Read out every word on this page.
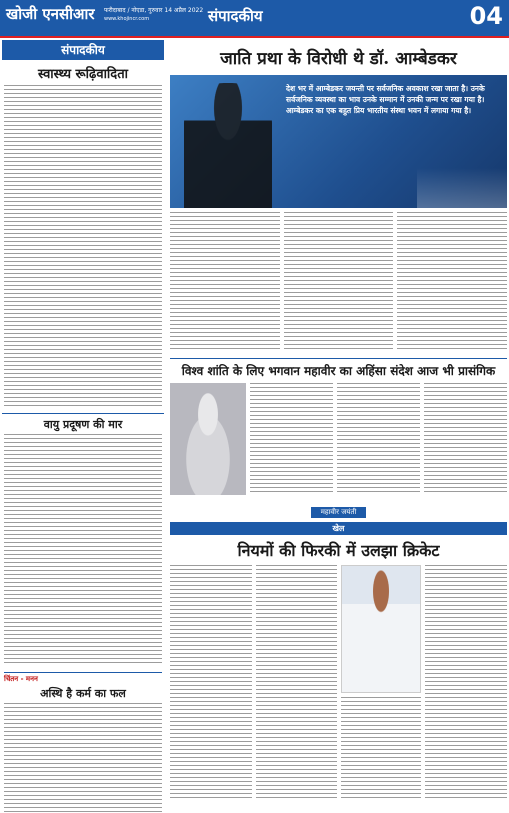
खोजी एनसीआर फरीदाबाद / नोएडा, गुरुवार 14 अप्रैल 2022
www.khojincr.com	संपादकीय	04
संपादकीय
स्वास्थ्य रूढ़िवादिता
वायु प्रदूषण की मार
चिंतन - मनन
अस्थि है कर्म का फल
जाति प्रथा के विरोधी थे डॉ. आम्बेडकर
देश भर में आम्बेडकर जयन्ती पर सर्वजनिक अवकाश रखा जाता है। उनके सर्वजनिक व्यवस्था का भाव उनके सम्मान में उनकी जन्म पर रखा गया है। आम्बेडकर का एक बहुत प्रिय भारतीय संस्था भवन में लगाया गया है।
विश्व शांति के लिए भगवान महावीर का अहिंसा संदेश आज भी प्रासंगिक
महावीर जयंती
खेल
नियमों की फिरकी में उलझा क्रिकेट
